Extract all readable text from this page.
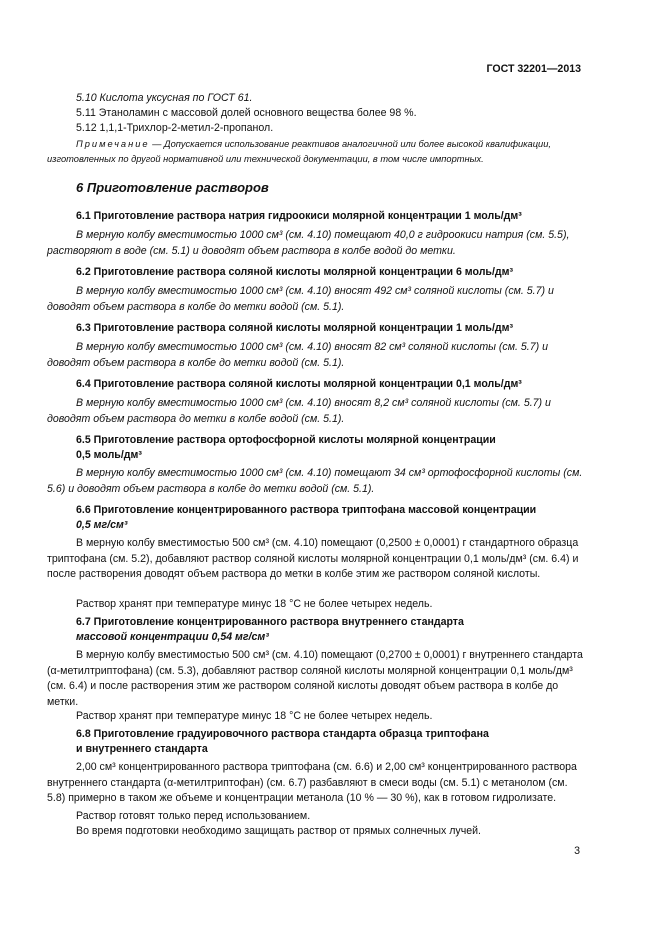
ГОСТ 32201—2013

5.10 Кислота уксусная по ГОСТ 61.

5.11 Этаноламин с массовой долей основного вещества более 98 %.

5.12 1,1,1-Трихлор-2-метил-2-пропанол.

Примечание — Допускается использование реактивов аналогичной или более высокой квалификации, изготовленных по другой нормативной или технической документации, в том числе импортных.

6 Приготовление растворов

6.1 Приготовление раствора натрия гидроокиси молярной концентрации 1 моль/дм³

В мерную колбу вместимостью 1000 см³ (см. 4.10) помещают 40,0 г гидроокиси натрия (см. 5.5), растворяют в воде (см. 5.1) и доводят объем раствора в колбе водой до метки.

6.2 Приготовление раствора соляной кислоты молярной концентрации 6 моль/дм³

В мерную колбу вместимостью 1000 см³ (см. 4.10) вносят 492 см³ соляной кислоты (см. 5.7) и доводят объем раствора в колбе до метки водой (см. 5.1).

6.3 Приготовление раствора соляной кислоты молярной концентрации 1 моль/дм³

В мерную колбу вместимостью 1000 см³ (см. 4.10) вносят 82 см³ соляной кислоты (см. 5.7) и доводят объем раствора в колбе до метки водой (см. 5.1).

6.4 Приготовление раствора соляной кислоты молярной концентрации 0,1 моль/дм³

В мерную колбу вместимостью 1000 см³ (см. 4.10) вносят 8,2 см³ соляной кислоты (см. 5.7) и доводят объем раствора до метки в колбе водой (см. 5.1).

6.5 Приготовление раствора ортофосфорной кислоты молярной концентрации

0,5 моль/дм³

В мерную колбу вместимостью 1000 см³ (см. 4.10) помещают 34 см³ ортофосфорной кислоты (см. 5.6) и доводят объем раствора в колбе до метки водой (см. 5.1).

6.6 Приготовление концентрированного раствора триптофана массовой концентрации

0,5 мг/см³

В мерную колбу вместимостью 500 см³ (см. 4.10) помещают (0,2500 ± 0,0001) г стандартного образца триптофана (см. 5.2), добавляют раствор соляной кислоты молярной концентрации 0,1 моль/дм³ (см. 6.4) и после растворения доводят объем раствора до метки в колбе этим же раствором соляной кислоты.

Раствор хранят при температуре минус 18 °С не более четырех недель.

6.7 Приготовление концентрированного раствора внутреннего стандарта

массовой концентрации 0,54 мг/см³

В мерную колбу вместимостью 500 см³ (см. 4.10) помещают (0,2700 ± 0,0001) г внутреннего стандарта (α-метилтриптофана) (см. 5.3), добавляют раствор соляной кислоты молярной концентрации 0,1 моль/дм³ (см. 6.4) и после растворения этим же раствором соляной кислоты доводят объем раствора в колбе до метки.

Раствор хранят при температуре минус 18 °С не более четырех недель.

6.8 Приготовление градуировочного раствора стандарта образца триптофана

и внутреннего стандарта

2,00 см³ концентрированного раствора триптофана (см. 6.6) и 2,00 см³ концентрированного раствора внутреннего стандарта (α-метилтриптофан) (см. 6.7) разбавляют в смеси воды (см. 5.1) с метанолом (см. 5.8) примерно в таком же объеме и концентрации метанола (10 % — 30 %), как в готовом гидролизате.

Раствор готовят только перед использованием.

Во время подготовки необходимо защищать раствор от прямых солнечных лучей.

3
